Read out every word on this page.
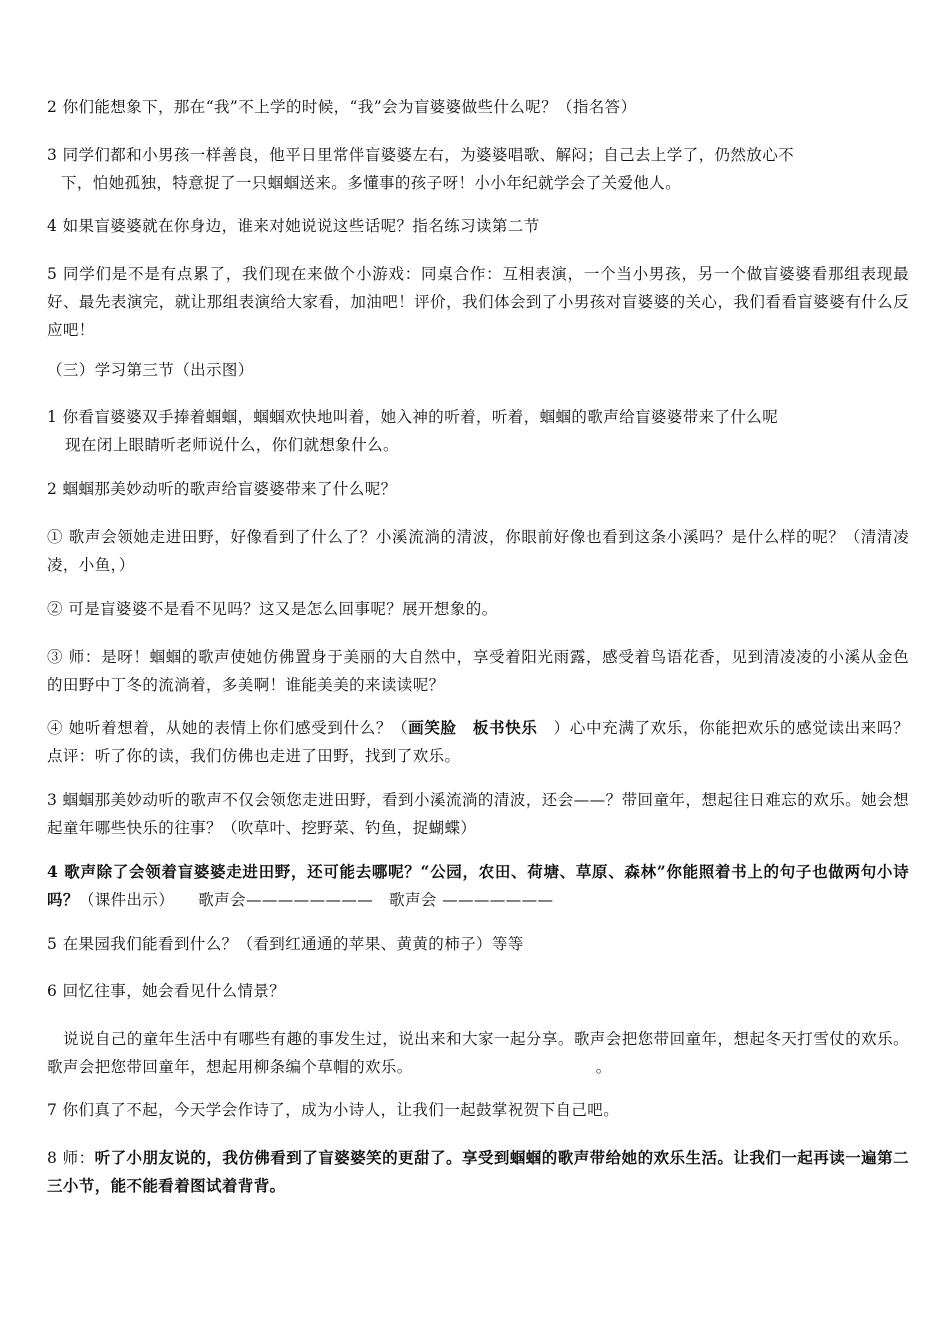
2 你们能想象下，那在“我”不上学的时候，“我”会为盲婆婆做些什么呢？（指名答）
3 同学们都和小男孩一样善良，他平日里常伴盲婆婆左右，为婆婆唱歌、解闷；自己去上学了，仍然放心不
下，怕她孤独，特意捉了一只蝈蝈送来。多懂事的孩子呀！小小年纪就学会了关爱他人。
4 如果盲婆婆就在你身边，谁来对她说说这些话呢？指名练习读第二节
5 同学们是不是有点累了，我们现在来做个小游戏：同桌合作：互相表演，一个当小男孩，另一个做盲婆婆看那组表现最好、最先表演完，就让那组表演给大家看，加油吧！评价，我们体会到了小男孩对盲婆婆的关心，我们看看盲婆婆有什么反应吧！
（三）学习第三节（出示图）
1 你看盲婆婆双手捧着蝈蝈，蝈蝈欢快地叫着，她入神的听着，听着，蝈蝈的歌声给盲婆婆带来了什么呢
现在闭上眼睛听老师说什么，你们就想象什么。
2 蝈蝈那美妙动听的歌声给盲婆婆带来了什么呢？
① 歌声会领她走进田野，好像看到了什么了？小溪流淌的清波，你眼前好像也看到这条小溪吗？是什么样的呢？（清清凌凌，小鱼，）
② 可是盲婆婆不是看不见吗？这又是怎么回事呢？展开想象的。
③ 师：是呀！蝈蝈的歌声使她仿佛置身于美丽的大自然中，享受着阳光雨露，感受着鸟语花香，见到清凌凌的小溪从金色的田野中丁冬的流淌着，多美啊！谁能美美的来读读呢？
④ 她听着想着，从她的表情上你们感受到什么？（画笑脸　板书快乐　）心中充满了欢乐，你能把欢乐的感觉读出来吗？点评：听了你的读，我们仿佛也走进了田野，找到了欢乐。
3 蝈蝈那美妙动听的歌声不仅会领您走进田野，看到小溪流淌的清波，还会——？带回童年，想起往日难忘的欢乐。她会想起童年哪些快乐的往事？（吹草叶、挖野菜、钓鱼，捉蝴蝶）
4 歌声除了会领着盲婆婆走进田野，还可能去哪呢？“公园，农田、荷塘、草原、森林”你能照着书上的句子也做两句小诗吗？（课件出示）　　歌声会————————　歌声会 ———————
5 在果园我们能看到什么？（看到红通通的苹果、黄黄的柿子）等等
6 回忆往事，她会看见什么情景？
　说说自己的童年生活中有哪些有趣的事发生过，说出来和大家一起分享。歌声会把您带回童年，想起冬天打雪仗的欢乐。歌声会把您带回童年，想起用柳条编个草帽的欢乐。　　　　　　　　　　　　。
7 你们真了不起，今天学会作诗了，成为小诗人，让我们一起鼓掌祝贺下自己吧。
8 师：听了小朋友说的，我仿佛看到了盲婆婆笑的更甜了。享受到蝈蝈的歌声带给她的欢乐生活。让我们一起再读一遍第二三小节，能不能看着图试着背背。
